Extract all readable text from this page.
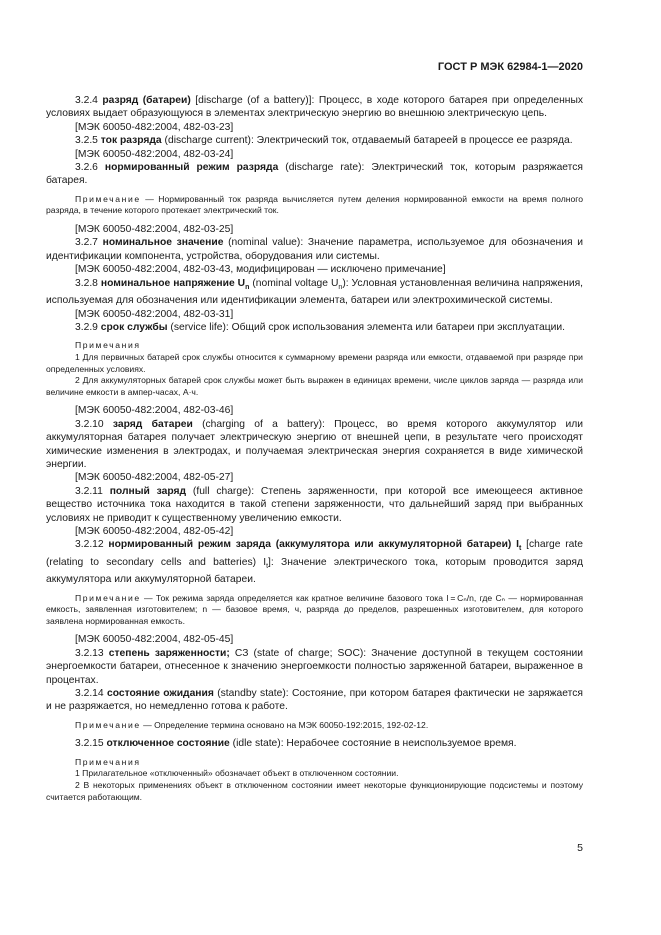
ГОСТ Р МЭК 62984-1—2020

3.2.4 разряд (батареи) [discharge (of a battery)]: Процесс, в ходе которого батарея при определенных условиях выдает образующуюся в элементах электрическую энергию во внешнюю электрическую цепь.

[МЭК 60050-482:2004, 482-03-23]

3.2.5 ток разряда (discharge current): Электрический ток, отдаваемый батареей в процессе ее разряда.

[МЭК 60050-482:2004, 482-03-24]

3.2.6 нормированный режим разряда (discharge rate): Электрический ток, которым разряжается батарея.

Примечание — Нормированный ток разряда вычисляется путем деления нормированной емкости на время полного разряда, в течение которого протекает электрический ток.

[МЭК 60050-482:2004, 482-03-25]

3.2.7 номинальное значение (nominal value): Значение параметра, используемое для обозначения и идентификации компонента, устройства, оборудования или системы.

[МЭК 60050-482:2004, 482-03-43, модифицирован — исключено примечание]

3.2.8 номинальное напряжение $U_n$ (nominal voltage $U_n$): Условная установленная величина напряжения, используемая для обозначения или идентификации элемента, батареи или электрохимической системы.

[МЭК 60050-482:2004, 482-03-31]

3.2.9 срок службы (service life): Общий срок использования элемента или батареи при эксплуатации.

Примечания

1 Для первичных батарей срок службы относится к суммарному времени разряда или емкости, отдаваемой при разряде при определенных условиях.

2 Для аккумуляторных батарей срок службы может быть выражен в единицах времени, числе циклов заряда — разряда или величине емкости в ампер-часах, А·ч.

[МЭК 60050-482:2004, 482-03-46]

3.2.10 заряд батареи (charging of a battery): Процесс, во время которого аккумулятор или аккумуляторная батарея получает электрическую энергию от внешней цепи, в результате чего происходят химические изменения в электродах, и получаемая электрическая энергия сохраняется в виде химической энергии.

[МЭК 60050-482:2004, 482-05-27]

3.2.11 полный заряд (full charge): Степень заряженности, при которой все имеющееся активное вещество источника тока находится в такой степени заряженности, что дальнейший заряд при выбранных условиях не приводит к существенному увеличению емкости.

[МЭК 60050-482:2004, 482-05-42]

3.2.12 нормированный режим заряда (аккумулятора или аккумуляторной батареи) $I_t$ [charge rate (relating to secondary cells and batteries) $I_t$]: Значение электрического тока, которым проводится заряд аккумулятора или аккумуляторной батареи.

Примечание — Ток режима заряда определяется как кратное величине базового тока I = Cₙ/n, где Cₙ — нормированная емкость, заявленная изготовителем; n — базовое время, ч, разряда до пределов, разрешенных изготовителем, для которого заявлена нормированная емкость.

[МЭК 60050-482:2004, 482-05-45]

3.2.13 степень заряженности; СЗ (state of charge; SOC): Значение доступной в текущем состоянии энергоемкости батареи, отнесенное к значению энергоемкости полностью заряженной батареи, выраженное в процентах.

3.2.14 состояние ожидания (standby state): Состояние, при котором батарея фактически не заряжается и не разряжается, но немедленно готова к работе.

Примечание — Определение термина основано на МЭК 60050-192:2015, 192-02-12.

3.2.15 отключенное состояние (idle state): Нерабочее состояние в неиспользуемое время.

Примечания

1 Прилагательное «отключенный» обозначает объект в отключенном состоянии.

2 В некоторых применениях объект в отключенном состоянии имеет некоторые функционирующие подсистемы и поэтому считается работающим.

5
